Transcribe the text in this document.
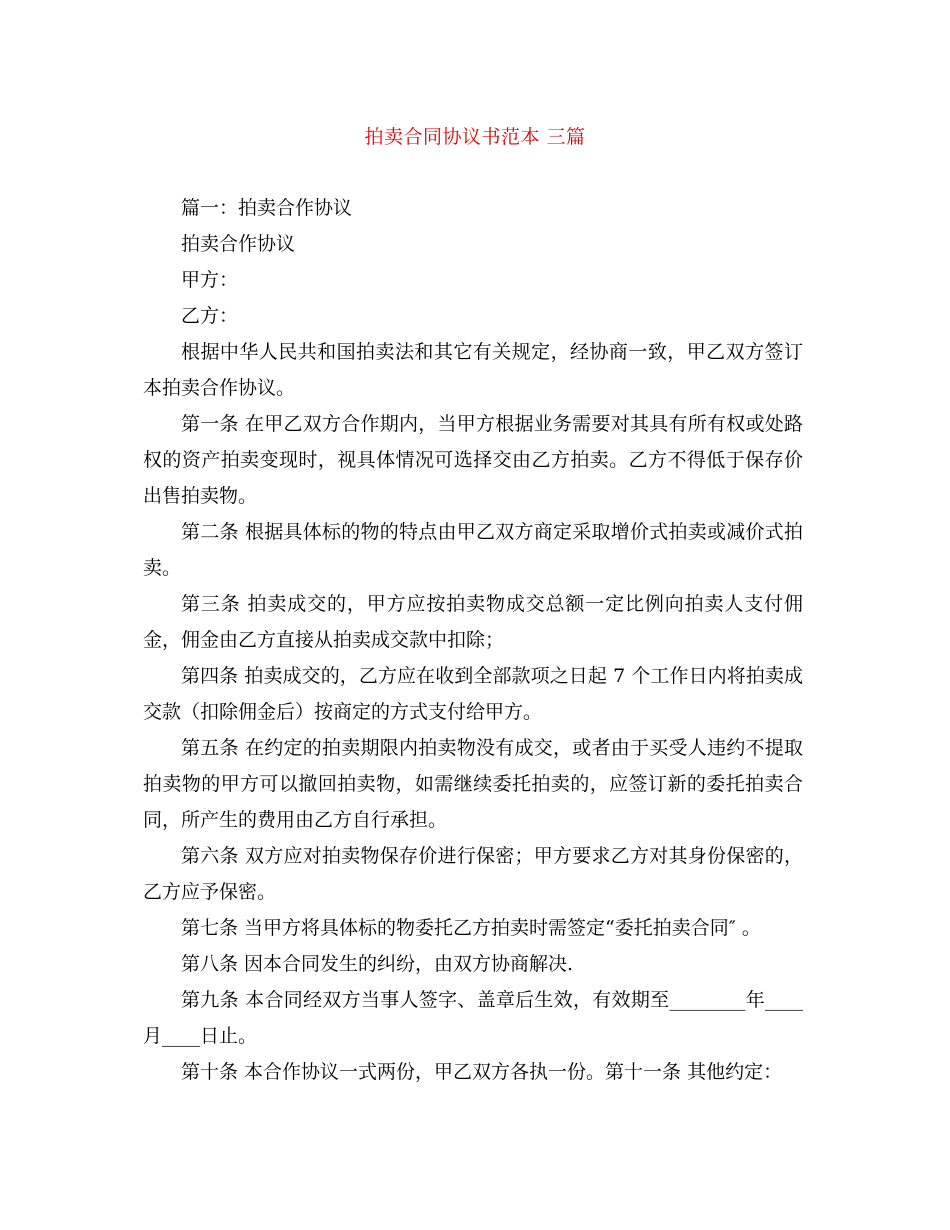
拍卖合同协议书范本 三篇

篇一：拍卖合作协议

拍卖合作协议

甲方：

乙方：

根据中华人民共和国拍卖法和其它有关规定，经协商一致，甲乙双方签订本拍卖合作协议。

第一条 在甲乙双方合作期内，当甲方根据业务需要对其具有所有权或处路权的资产拍卖变现时，视具体情况可选择交由乙方拍卖。乙方不得低于保存价出售拍卖物。

第二条 根据具体标的物的特点由甲乙双方商定采取增价式拍卖或减价式拍卖。

第三条 拍卖成交的，甲方应按拍卖物成交总额一定比例向拍卖人支付佣金，佣金由乙方直接从拍卖成交款中扣除；

第四条 拍卖成交的，乙方应在收到全部款项之日起 7 个工作日内将拍卖成交款（扣除佣金后）按商定的方式支付给甲方。

第五条 在约定的拍卖期限内拍卖物没有成交，或者由于买受人违约不提取拍卖物的甲方可以撤回拍卖物，如需继续委托拍卖的，应签订新的委托拍卖合同，所产生的费用由乙方自行承担。

第六条 双方应对拍卖物保存价进行保密；甲方要求乙方对其身份保密的，乙方应予保密。

第七条 当甲方将具体标的物委托乙方拍卖时需签定“委托拍卖合同″ 。

第八条 因本合同发生的纠纷，由双方协商解决.

第九条 本合同经双方当事人签字、盖章后生效，有效期至________年____月____日止。

第十条 本合作协议一式两份，甲乙双方各执一份。第十一条 其他约定：
